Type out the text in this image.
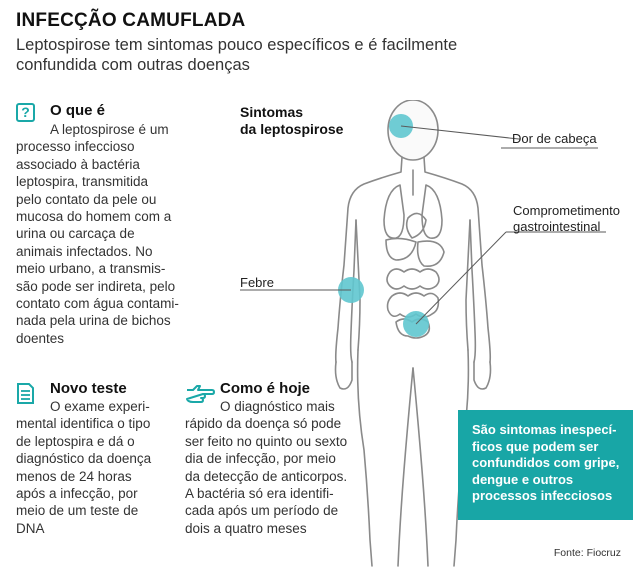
INFECÇÃO CAMUFLADA
Leptospirose tem sintomas pouco específicos e é facilmente confundida com outras doenças
?	O que é
A leptospirose é um
processo infeccioso
associado à bactéria
leptospira, transmitida
pelo contato da pele ou
mucosa do homem com a
urina ou carcaça de
animais infectados. No
meio urbano, a transmis-
são pode ser indireta, pelo
contato com água contami-
nada pela urina de bichos
doentes
Novo teste
O exame experi-
mental identifica o tipo
de leptospira e dá o
diagnóstico da doença
menos de 24 horas
após a infecção, por
meio de um teste de
DNA
Como é hoje
O diagnóstico mais
rápido da doença só pode
ser feito no quinto ou sexto
dia de infecção, por meio
da detecção de anticorpos.
A bactéria só era identifi-
cada após um período de
dois a quatro meses
Sintomas
da leptospirose
Dor de cabeça
Comprometimento
gastrointestinal
Febre
São sintomas inespecí-
ficos que podem ser
confundidos com gripe,
dengue e outros
processos infecciosos
Fonte: Fiocruz
